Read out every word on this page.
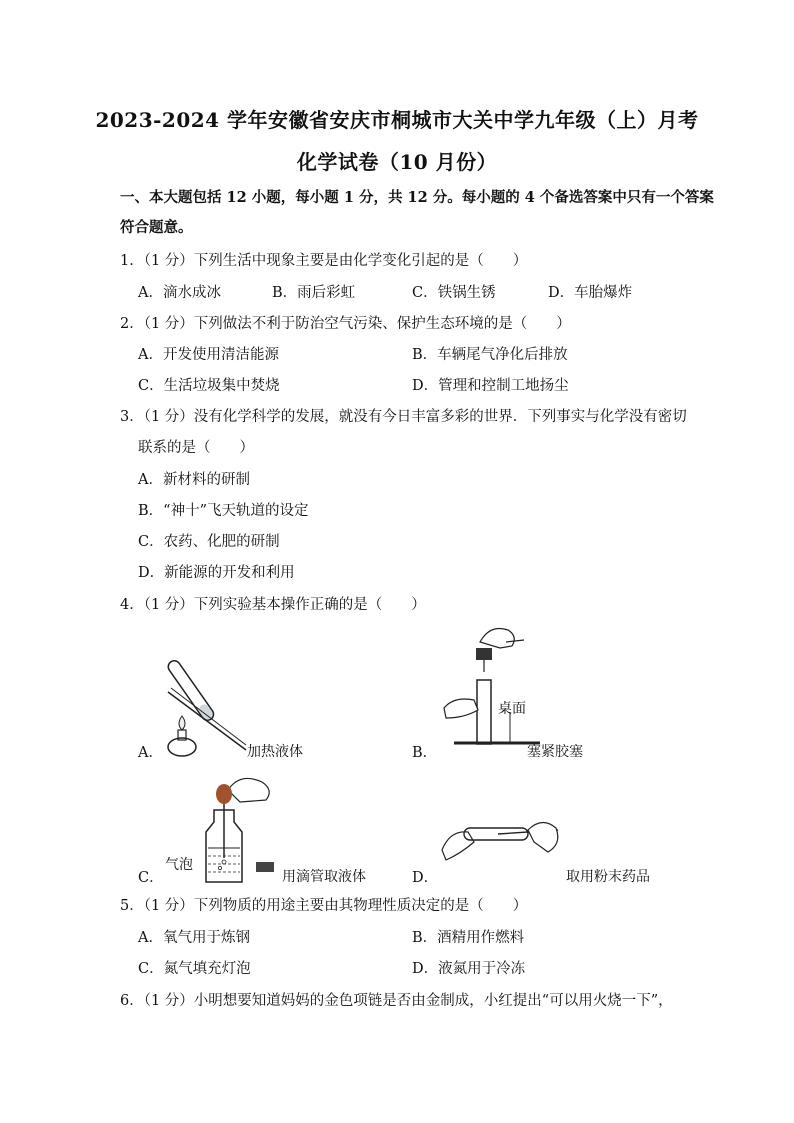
2023-2024 学年安徽省安庆市桐城市大关中学九年级（上）月考
化学试卷（10 月份）
一、本大题包括 12 小题，每小题 1 分，共 12 分。每小题的 4 个备选答案中只有一个答案
符合题意。
1．（1 分）下列生活中现象主要是由化学变化引起的是（　　）
A．滴水成冰	B．雨后彩虹	C．铁锅生锈	D．车胎爆炸
2．（1 分）下列做法不利于防治空气污染、保护生态环境的是（　　）
A．开发使用清洁能源	B．车辆尾气净化后排放
C．生活垃圾集中焚烧	D．管理和控制工地扬尘
3．（1 分）没有化学科学的发展，就没有今日丰富多彩的世界．下列事实与化学没有密切
联系的是（　　）
A．新材料的研制
B．“神十”飞天轨道的设定
C．农药、化肥的研制
D．新能源的开发和利用
4．（1 分）下列实验基本操作正确的是（　　）
A．	加热液体	B．
桌面
塞紧胶塞
C．
气泡
用滴管取液体	D．	取用粉末药品
5．（1 分）下列物质的用途主要由其物理性质决定的是（　　）
A．氧气用于炼钢	B．酒精用作燃料
C．氮气填充灯泡	D．液氮用于冷冻
6．（1 分）小明想要知道妈妈的金色项链是否由金制成，小红提出“可以用火烧一下”，
